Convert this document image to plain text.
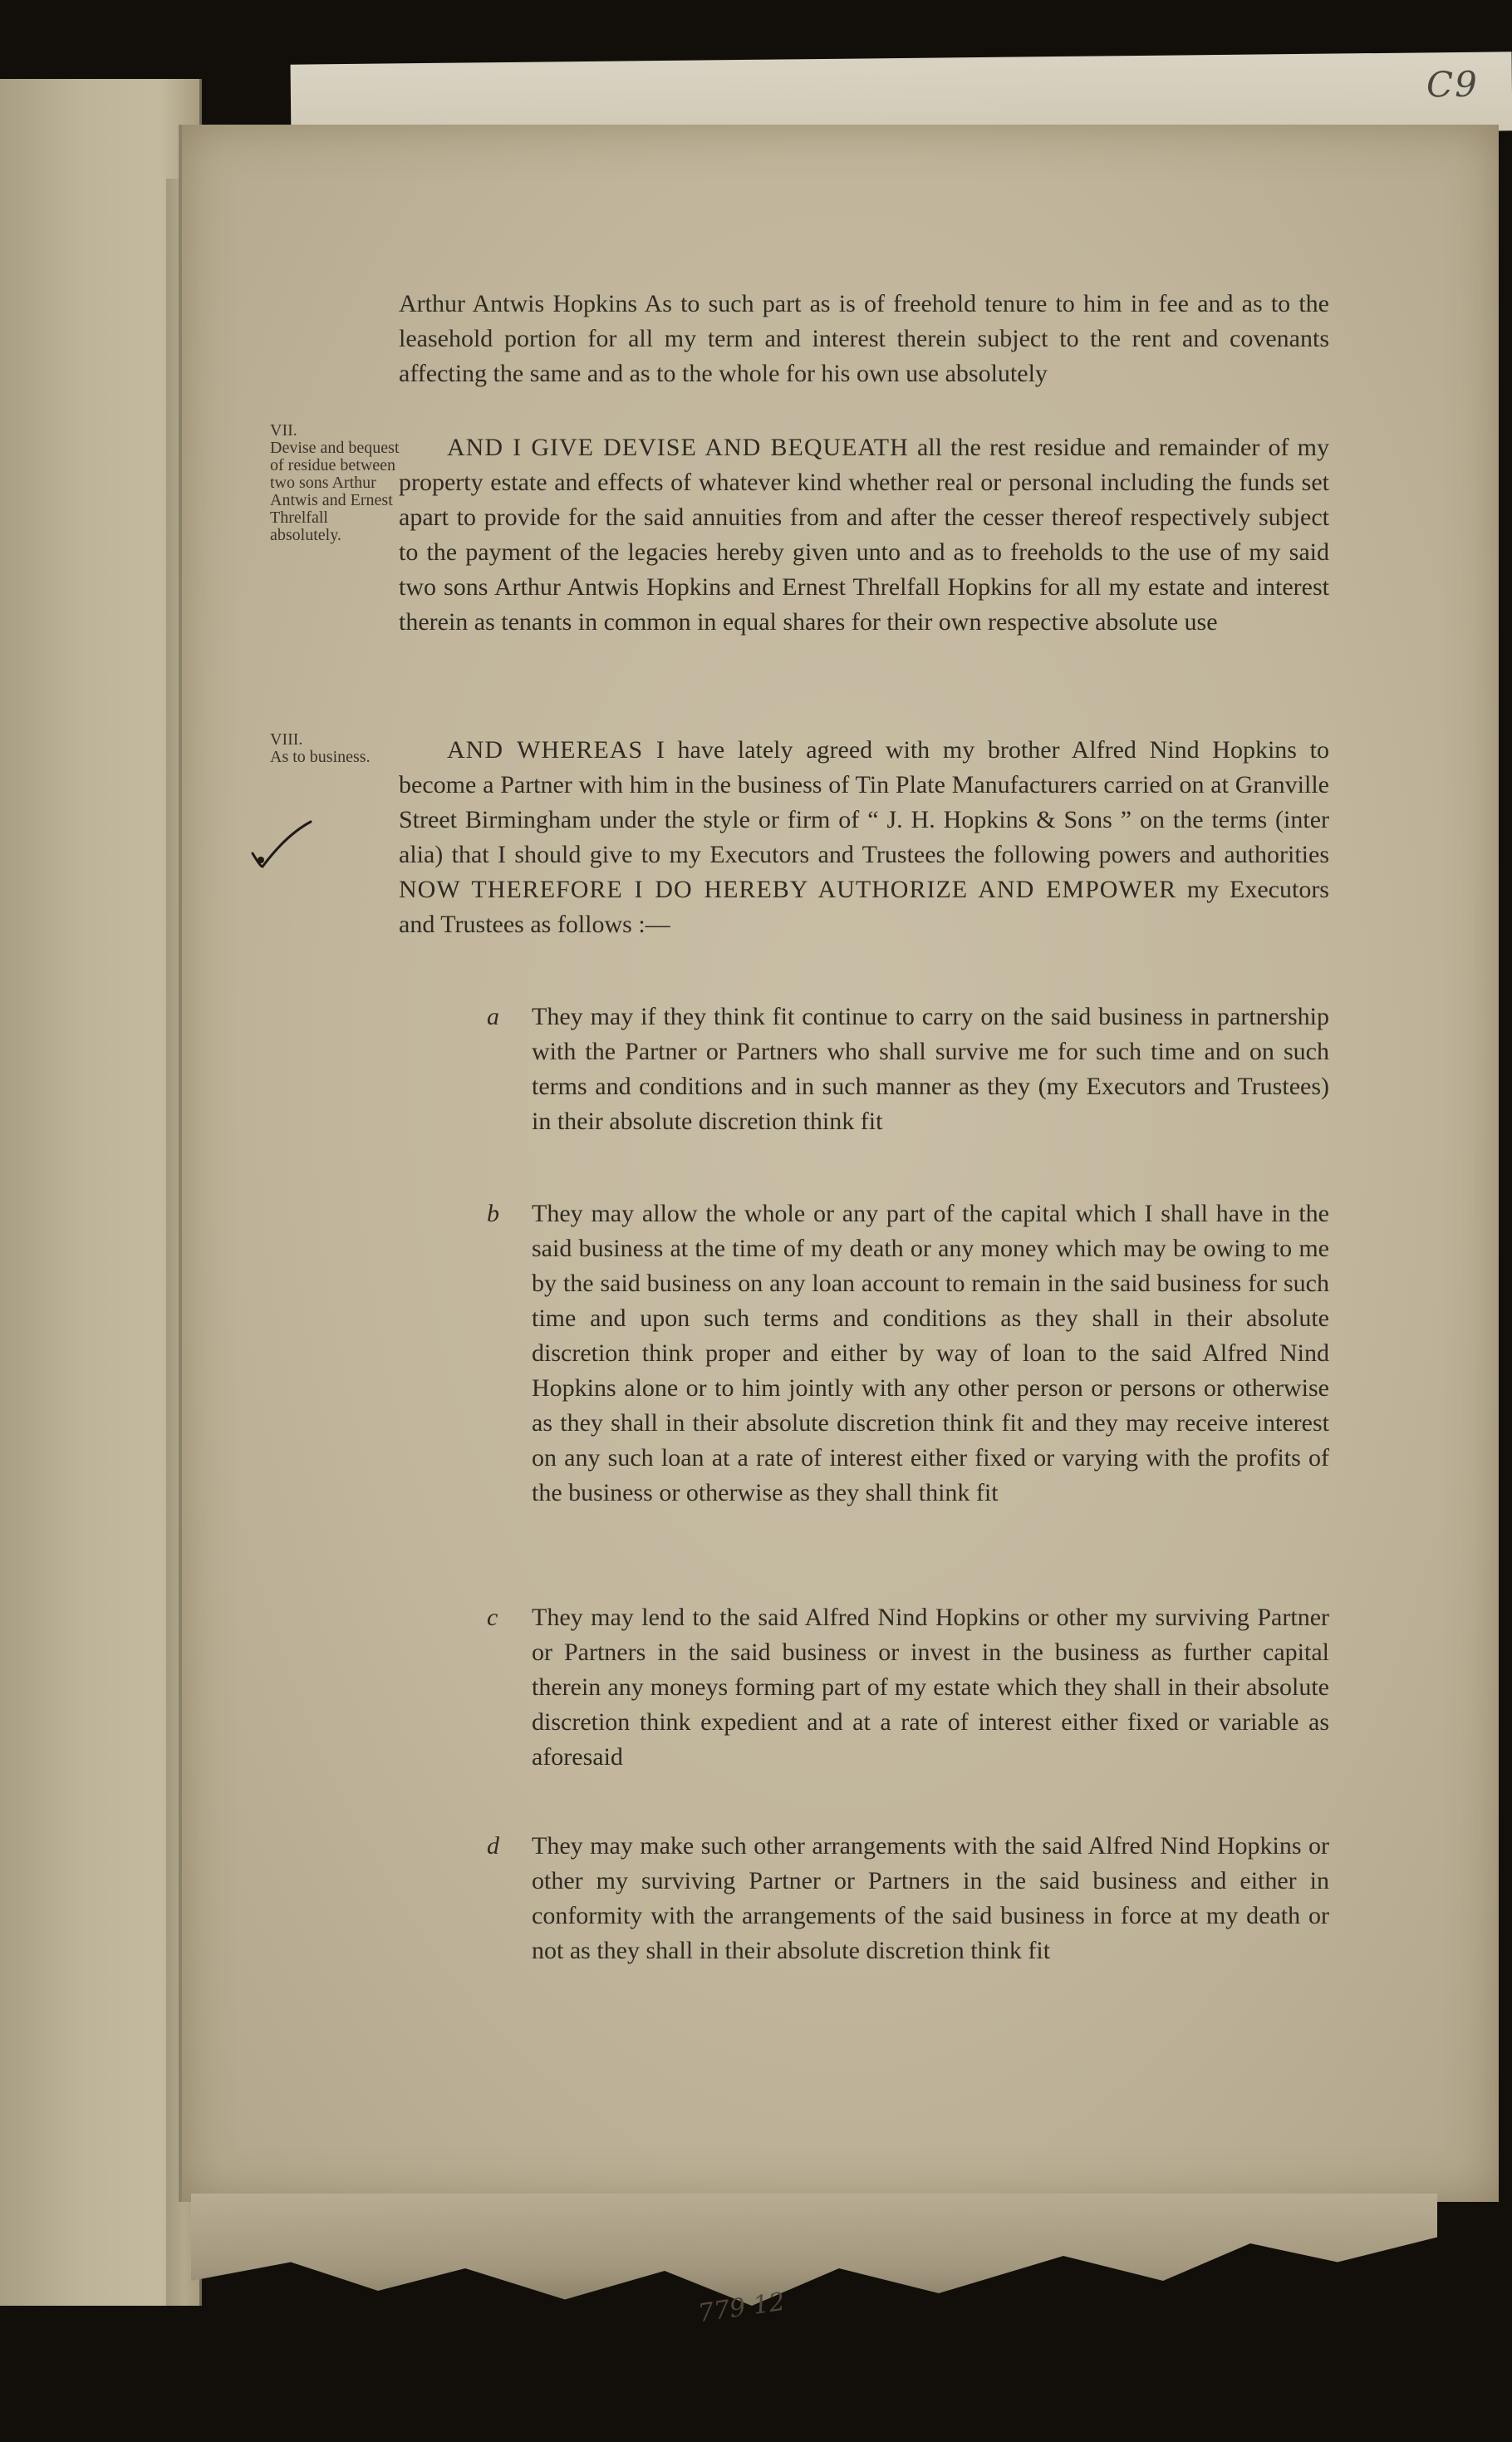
C9
779 12
VII.
Devise and bequest of residue between two sons Arthur Antwis and Ernest Threlfall absolutely.
VIII.
As to business.

Arthur Antwis Hopkins As to such part as is of freehold tenure to him in fee and as to the leasehold portion for all my term and interest therein subject to the rent and covenants affecting the same and as to the whole for his own use absolutely

AND I GIVE DEVISE AND BEQUEATH all the rest residue and remainder of my property estate and effects of whatever kind whether real or personal including the funds set apart to provide for the said annuities from and after the cesser thereof respectively subject to the payment of the legacies hereby given unto and as to freeholds to the use of my said two sons Arthur Antwis Hopkins and Ernest Threlfall Hopkins for all my estate and interest therein as tenants in common in equal shares for their own respective absolute use

AND WHEREAS I have lately agreed with my brother Alfred Nind Hopkins to become a Partner with him in the business of Tin Plate Manufacturers carried on at Granville Street Birmingham under the style or firm of “ J. H. Hopkins & Sons ” on the terms (inter alia) that I should give to my Executors and Trustees the following powers and authorities NOW THEREFORE I DO HEREBY AUTHORIZE AND EMPOWER my Executors and Trustees as follows :—

a	They may if they think fit continue to carry on the said business in partnership with the Partner or Partners who shall survive me for such time and on such terms and conditions and in such manner as they (my Executors and Trustees) in their absolute discretion think fit

b	They may allow the whole or any part of the capital which I shall have in the said business at the time of my death or any money which may be owing to me by the said business on any loan account to remain in the said business for such time and upon such terms and conditions as they shall in their absolute discretion think proper and either by way of loan to the said Alfred Nind Hopkins alone or to him jointly with any other person or persons or otherwise as they shall in their absolute discretion think fit and they may receive interest on any such loan at a rate of interest either fixed or varying with the profits of the business or otherwise as they shall think fit

c	They may lend to the said Alfred Nind Hopkins or other my surviving Partner or Partners in the said business or invest in the business as further capital therein any moneys forming part of my estate which they shall in their absolute discretion think expedient and at a rate of interest either fixed or variable as aforesaid

d	They may make such other arrangements with the said Alfred Nind Hopkins or other my surviving Partner or Partners in the said business and either in conformity with the arrangements of the said business in force at my death or not as they shall in their absolute discretion think fit
